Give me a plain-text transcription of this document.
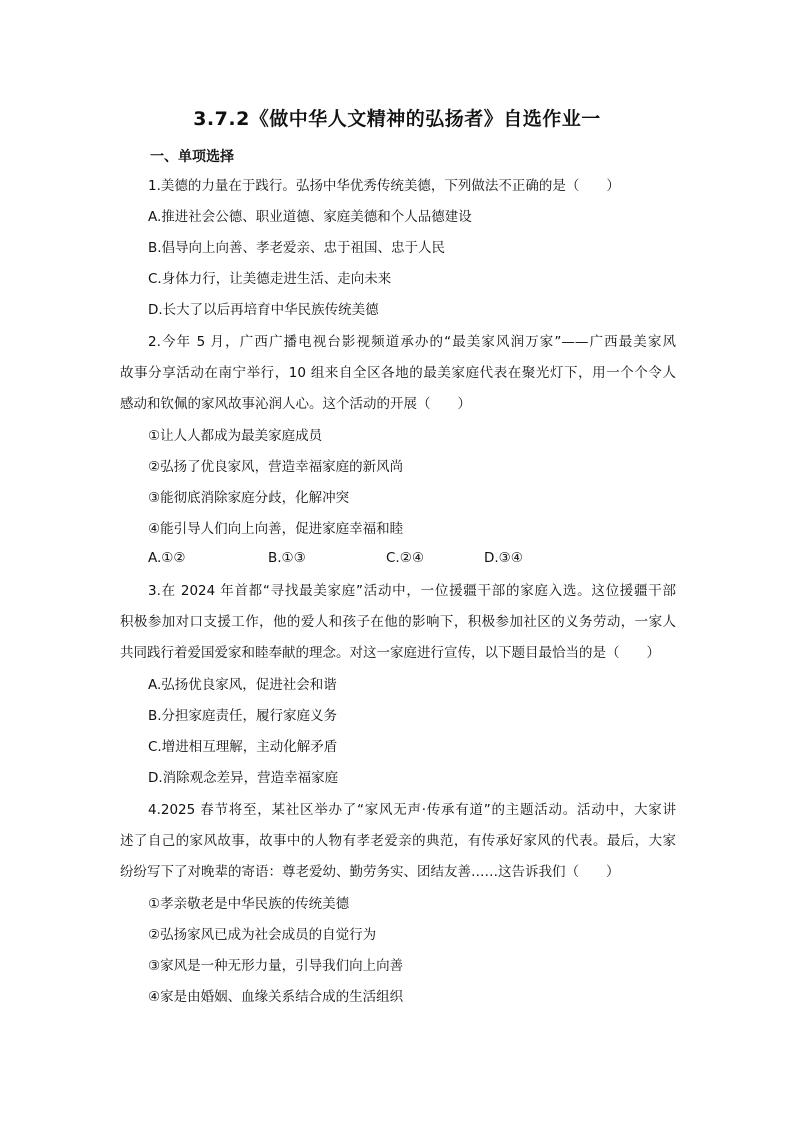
3.7.2《做中华人文精神的弘扬者》自选作业一
一、单项选择
1.美德的力量在于践行。弘扬中华优秀传统美德，下列做法不正确的是（　　）
A.推进社会公德、职业道德、家庭美德和个人品德建设
B.倡导向上向善、孝老爱亲、忠于祖国、忠于人民
C.身体力行，让美德走进生活、走向未来
D.长大了以后再培育中华民族传统美德
2.今年 5 月，广西广播电视台影视频道承办的“最美家风润万家”——广西最美家风
故事分享活动在南宁举行，10 组来自全区各地的最美家庭代表在聚光灯下，用一个个令人
感动和钦佩的家风故事沁润人心。这个活动的开展（　　）
①让人人都成为最美家庭成员
②弘扬了优良家风，营造幸福家庭的新风尚
③能彻底消除家庭分歧，化解冲突
④能引导人们向上向善，促进家庭幸福和睦
A.①②	B.①③	C.②④	D.③④
3.在 2024 年首都“寻找最美家庭”活动中，一位援疆干部的家庭入选。这位援疆干部
积极参加对口支援工作，他的爱人和孩子在他的影响下，积极参加社区的义务劳动，一家人
共同践行着爱国爱家和睦奉献的理念。对这一家庭进行宣传，以下题目最恰当的是（　　）
A.弘扬优良家风，促进社会和谐
B.分担家庭责任，履行家庭义务
C.增进相互理解，主动化解矛盾
D.消除观念差异，营造幸福家庭
4.2025 春节将至，某社区举办了“家风无声·传承有道”的主题活动。活动中，大家讲
述了自己的家风故事，故事中的人物有孝老爱亲的典范，有传承好家风的代表。最后，大家
纷纷写下了对晚辈的寄语：尊老爱幼、勤劳务实、团结友善……这告诉我们（　　）
①孝亲敬老是中华民族的传统美德
②弘扬家风已成为社会成员的自觉行为
③家风是一种无形力量，引导我们向上向善
④家是由婚姻、血缘关系结合成的生活组织
